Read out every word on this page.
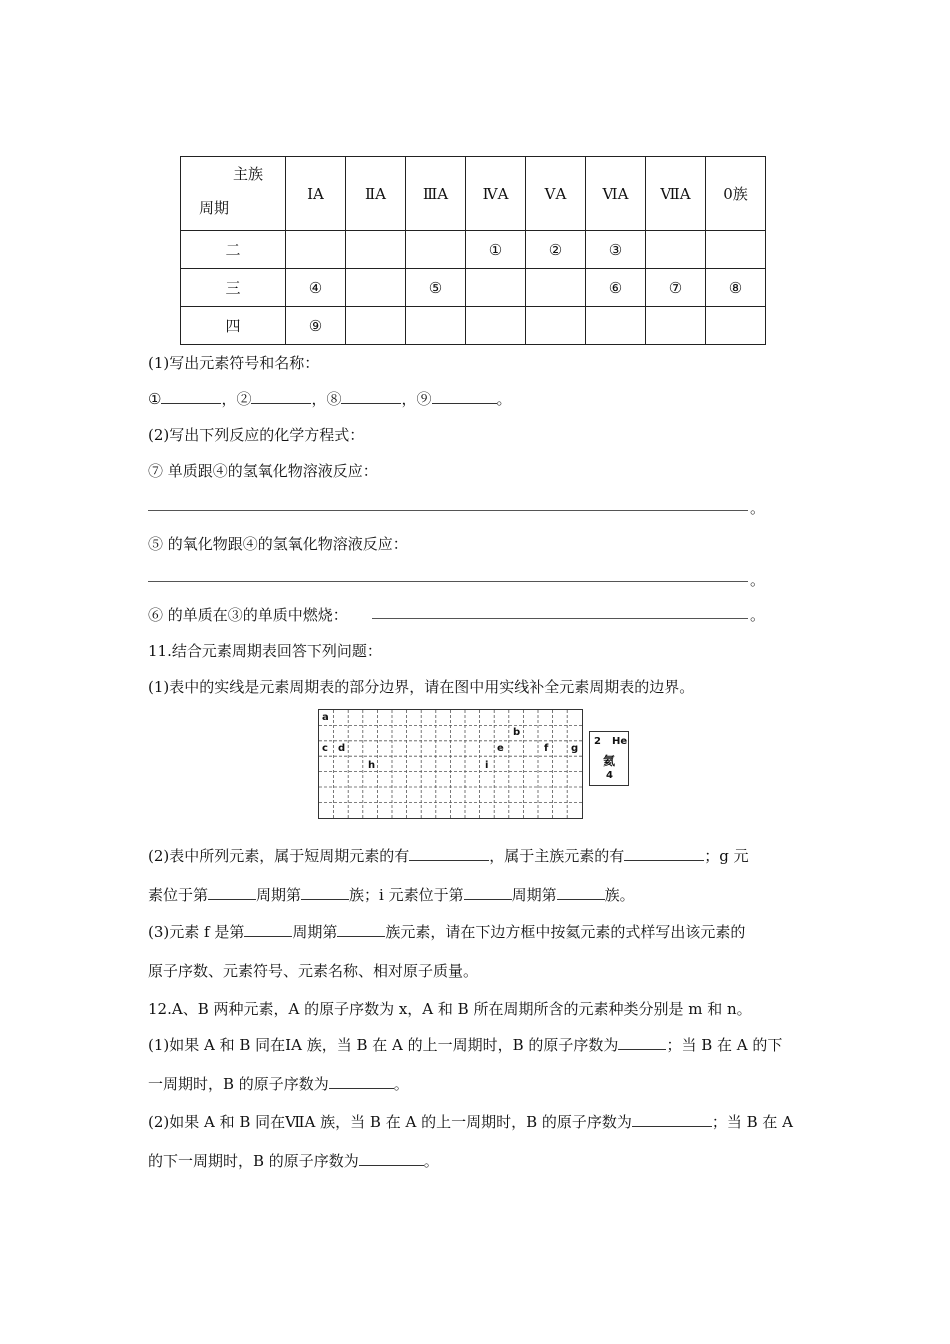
主族
周期	ⅠA	ⅡA	ⅢA	ⅣA	ⅤA	ⅥA	ⅦA	0族
二				①	②	③		
三	④		⑤			⑥	⑦	⑧
四	⑨							
(1)写出元素符号和名称：
①	，②	，⑧	，⑨	。
(2)写出下列反应的化学方程式：
⑦ 单质跟④的氢氧化物溶液反应：
。
⑤ 的氧化物跟④的氢氧化物溶液反应：
。
⑥ 的单质在③的单质中燃烧：	。
11.结合元素周期表回答下列问题：
(1)表中的实线是元素周期表的部分边界，请在图中用实线补全元素周期表的边界。
a
b
c d	e	f g
h	i
2 He
氦
4
(2)表中所列元素，属于短周期元素的有	，属于主族元素的有	；g 元
素位于第	周期第	族；i 元素位于第	周期第	族。
(3)元素 f 是第	周期第	族元素，请在下边方框中按氦元素的式样写出该元素的
原子序数、元素符号、元素名称、相对原子质量。
12.A、B 两种元素，A 的原子序数为 x，A 和 B 所在周期所含的元素种类分别是 m 和 n。
(1)如果 A 和 B 同在ⅠA 族，当 B 在 A 的上一周期时，B 的原子序数为	；当 B 在 A 的下
一周期时，B 的原子序数为	。
(2)如果 A 和 B 同在ⅦA 族，当 B 在 A 的上一周期时，B 的原子序数为	；当 B 在 A
的下一周期时，B 的原子序数为	。
